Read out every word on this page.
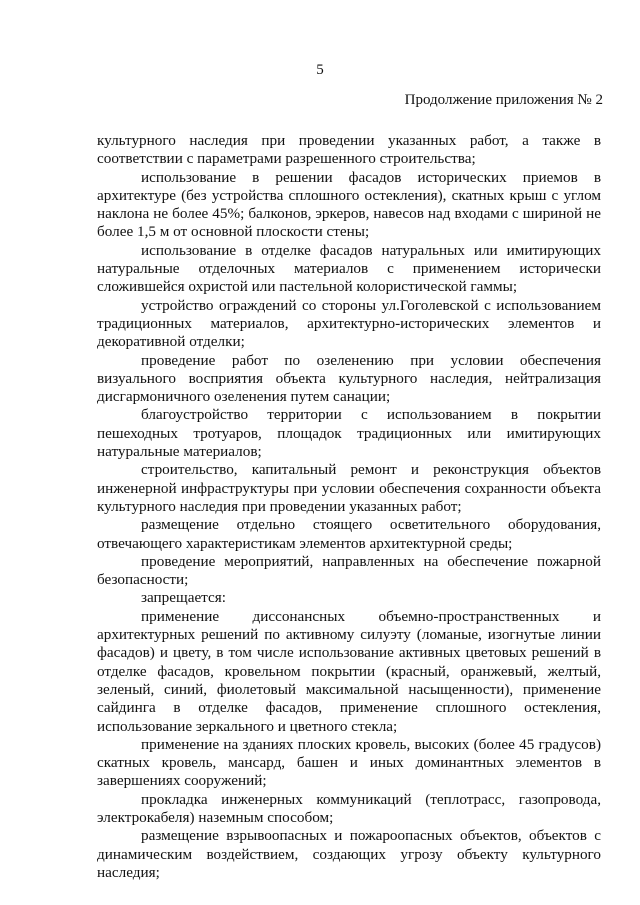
5
Продолжение приложения № 2

культурного наследия при проведении указанных работ, а также в соответствии с параметрами разрешенного строительства;

использование в решении фасадов исторических приемов в архитектуре (без устройства сплошного остекления), скатных крыш с углом наклона не более 45%; балконов, эркеров, навесов над входами с шириной не более 1,5 м от основной плоскости стены;

использование в отделке фасадов натуральных или имитирующих натуральные отделочных материалов с применением исторически сложившейся охристой или пастельной колористической гаммы;

устройство ограждений со стороны ул.Гоголевской с использованием традиционных материалов, архитектурно-исторических элементов и декоративной отделки;

проведение работ по озеленению при условии обеспечения визуального восприятия объекта культурного наследия, нейтрализация дисгармоничного озеленения путем санации;

благоустройство территории с использованием в покрытии пешеходных тротуаров, площадок традиционных или имитирующих натуральные материалов;

строительство, капитальный ремонт и реконструкция объектов инженерной инфраструктуры при условии обеспечения сохранности объекта культурного наследия при проведении указанных работ;

размещение отдельно стоящего осветительного оборудования, отвечающего характеристикам элементов архитектурной среды;

проведение мероприятий, направленных на обеспечение пожарной безопасности;

запрещается:

применение диссонансных объемно-пространственных и архитектурных решений по активному силуэту (ломаные, изогнутые линии фасадов) и цвету, в том числе использование активных цветовых решений в отделке фасадов, кровельном покрытии (красный, оранжевый, желтый, зеленый, синий, фиолетовый максимальной насыщенности), применение сайдинга в отделке фасадов, применение сплошного остекления, использование зеркального и цветного стекла;

применение на зданиях плоских кровель, высоких (более 45 градусов) скатных кровель, мансард, башен и иных доминантных элементов в завершениях сооружений;

прокладка инженерных коммуникаций (теплотрасс, газопровода, электрокабеля) наземным способом;

размещение взрывоопасных и пожароопасных объектов, объектов с динамическим воздействием, создающих угрозу объекту культурного наследия;
